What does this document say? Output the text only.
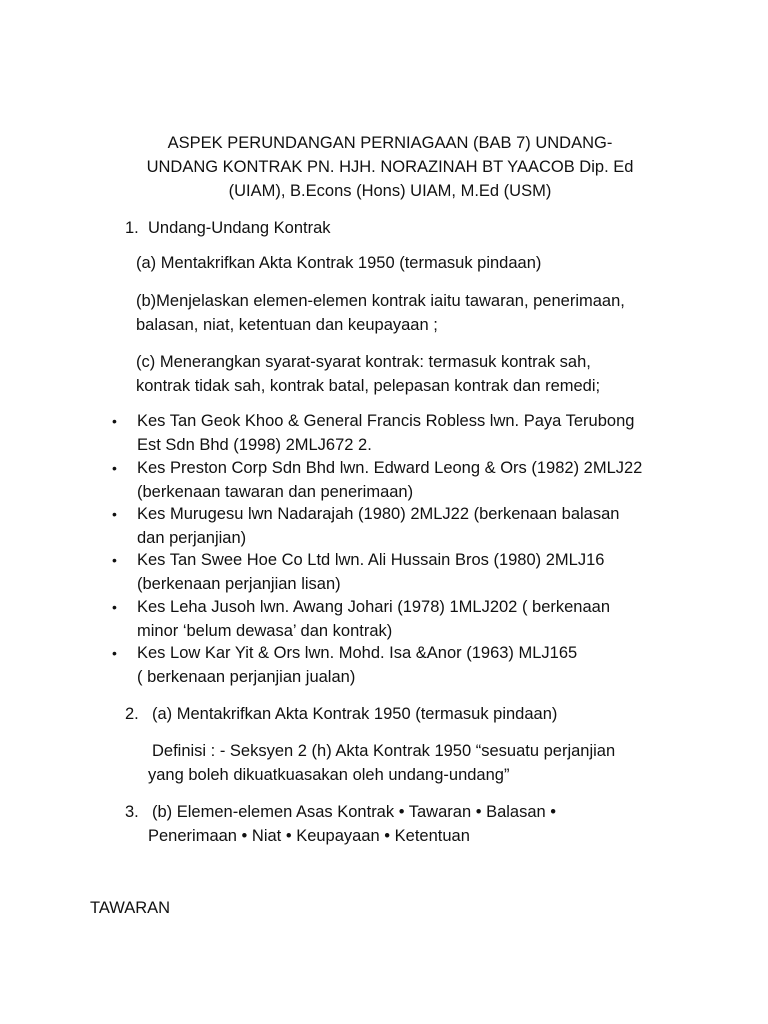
ASPEK PERUNDANGAN PERNIAGAAN (BAB 7) UNDANG-
UNDANG KONTRAK PN. HJH. NORAZINAH BT YAACOB Dip. Ed
(UIAM), B.Econs (Hons) UIAM, M.Ed (USM)
1. Undang-Undang Kontrak
(a) Mentakrifkan Akta Kontrak 1950 (termasuk pindaan)
(b)Menjelaskan elemen-elemen kontrak iaitu tawaran, penerimaan,
balasan, niat, ketentuan dan keupayaan ;
(c) Menerangkan syarat-syarat kontrak: termasuk kontrak sah,
kontrak tidak sah, kontrak batal, pelepasan kontrak dan remedi;
•	Kes Tan Geok Khoo & General Francis Robless lwn. Paya Terubong
Est Sdn Bhd (1998) 2MLJ672 2.
•	Kes Preston Corp Sdn Bhd lwn. Edward Leong & Ors (1982) 2MLJ22
(berkenaan tawaran dan penerimaan)
•	Kes Murugesu lwn Nadarajah (1980) 2MLJ22 (berkenaan balasan
dan perjanjian)
•	Kes Tan Swee Hoe Co Ltd lwn. Ali Hussain Bros (1980) 2MLJ16
(berkenaan perjanjian lisan)
•	Kes Leha Jusoh lwn. Awang Johari (1978) 1MLJ202 ( berkenaan
minor ‘belum dewasa’ dan kontrak)
•	Kes Low Kar Yit & Ors lwn. Mohd. Isa &Anor (1963) MLJ165
( berkenaan perjanjian jualan)
2. (a) Mentakrifkan Akta Kontrak 1950 (termasuk pindaan)
Definisi : - Seksyen 2 (h) Akta Kontrak 1950 “sesuatu perjanjian
yang boleh dikuatkuasakan oleh undang-undang”
3. (b) Elemen-elemen Asas Kontrak • Tawaran • Balasan •
Penerimaan • Niat • Keupayaan • Ketentuan
TAWARAN
